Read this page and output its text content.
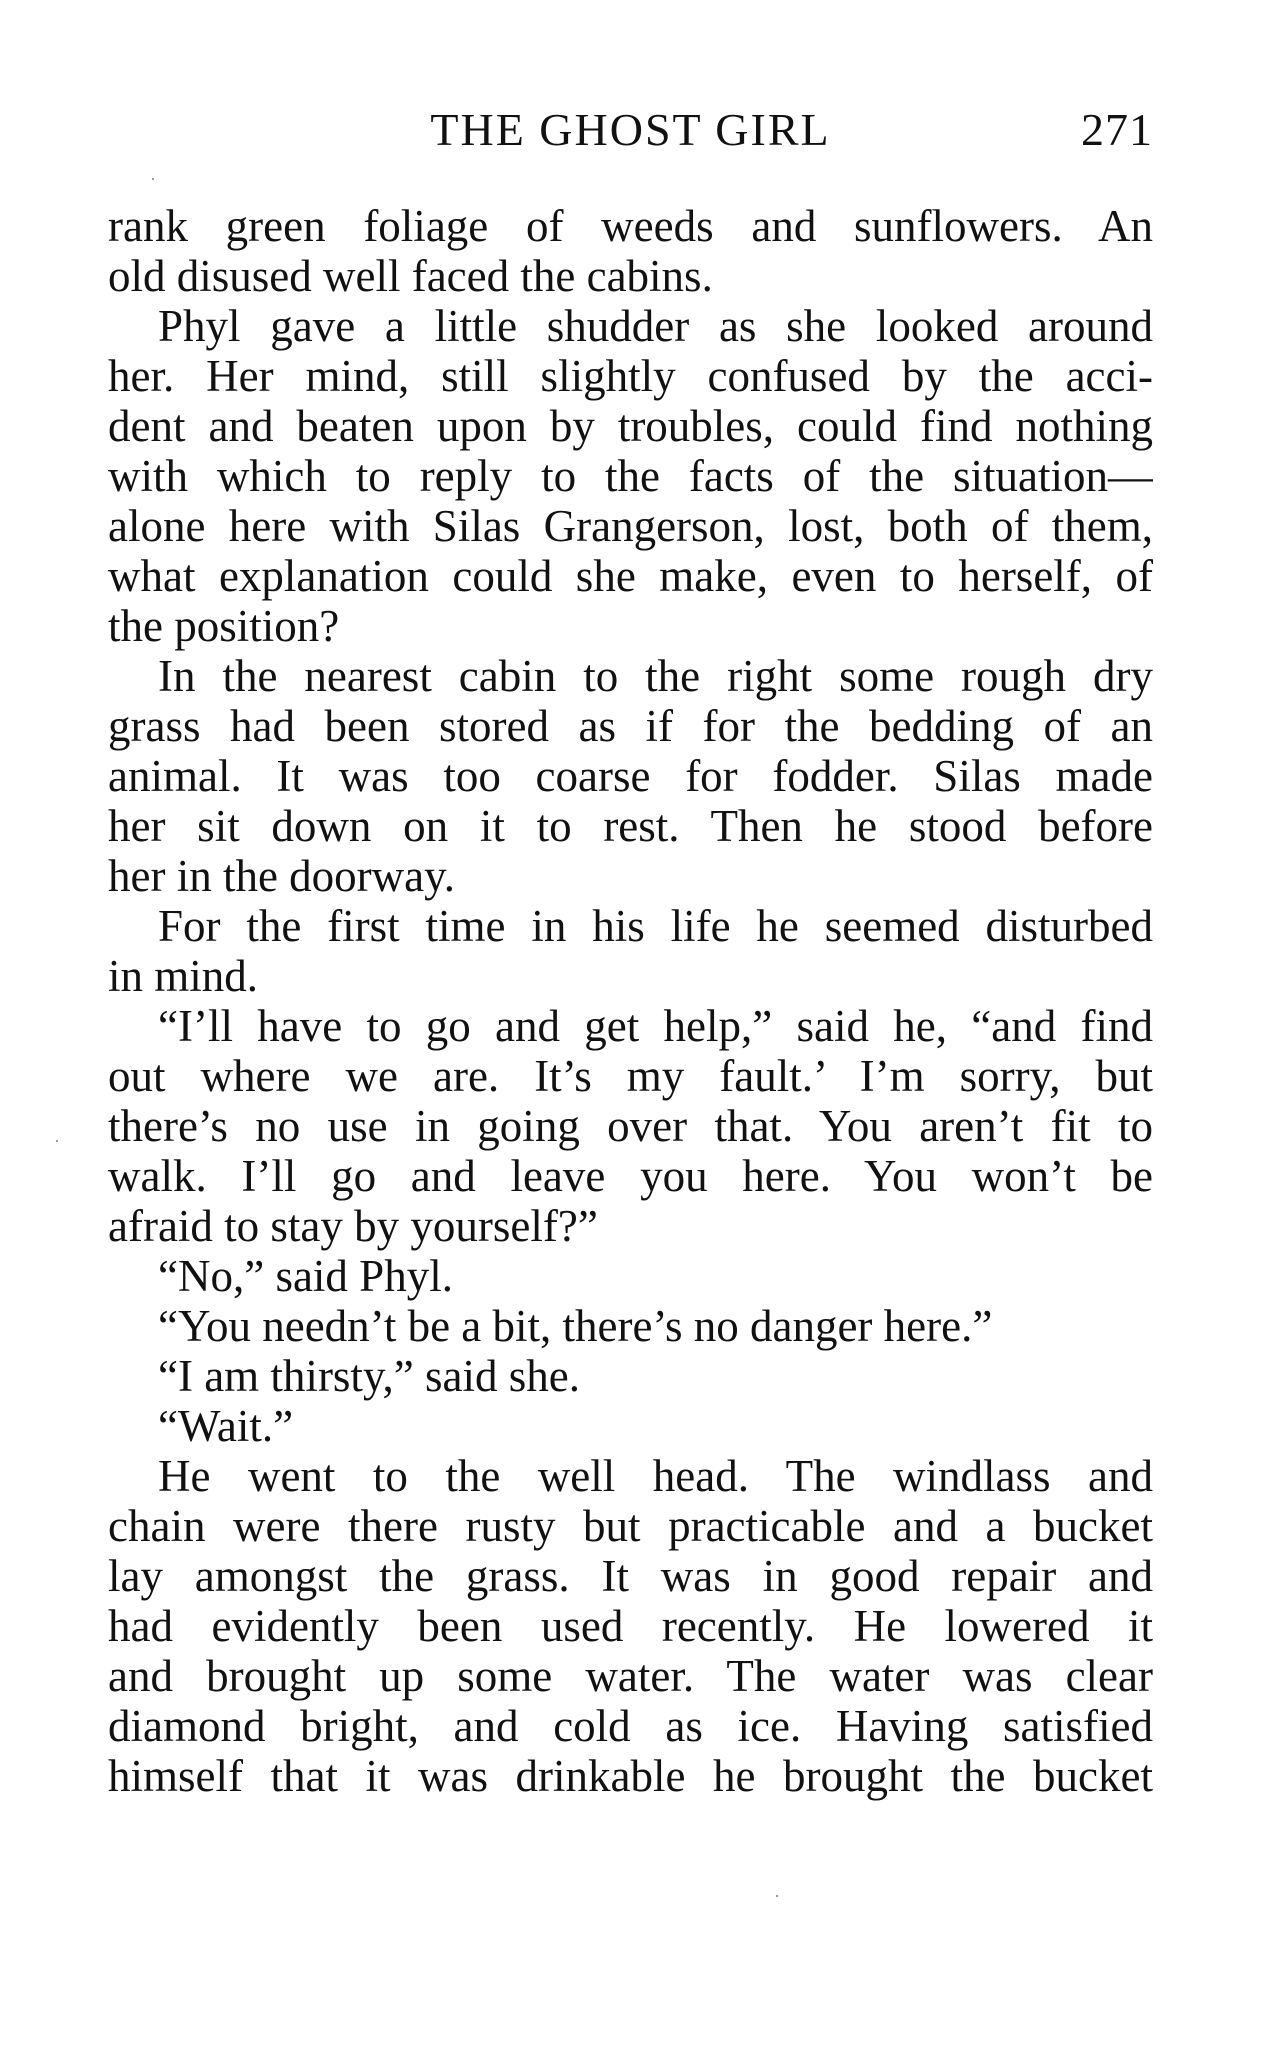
THE GHOST GIRL	271
rank green foliage of weeds and sunflowers. An
old disused well faced the cabins.
Phyl gave a little shudder as she looked around
her. Her mind, still slightly confused by the acci-
dent and beaten upon by troubles, could find nothing
with which to reply to the facts of the situation—
alone here with Silas Grangerson, lost, both of them,
what explanation could she make, even to herself, of
the position?
In the nearest cabin to the right some rough dry
grass had been stored as if for the bedding of an
animal. It was too coarse for fodder. Silas made
her sit down on it to rest. Then he stood before
her in the doorway.
For the first time in his life he seemed disturbed
in mind.
“I’ll have to go and get help,” said he, “and find
out where we are. It’s my fault.’ I’m sorry, but
there’s no use in going over that. You aren’t fit to
walk. I’ll go and leave you here. You won’t be
afraid to stay by yourself?”
“No,” said Phyl.
“You needn’t be a bit, there’s no danger here.”
“I am thirsty,” said she.
“Wait.”
He went to the well head. The windlass and
chain were there rusty but practicable and a bucket
lay amongst the grass. It was in good repair and
had evidently been used recently. He lowered it
and brought up some water. The water was clear
diamond bright, and cold as ice. Having satisfied
himself that it was drinkable he brought the bucket
